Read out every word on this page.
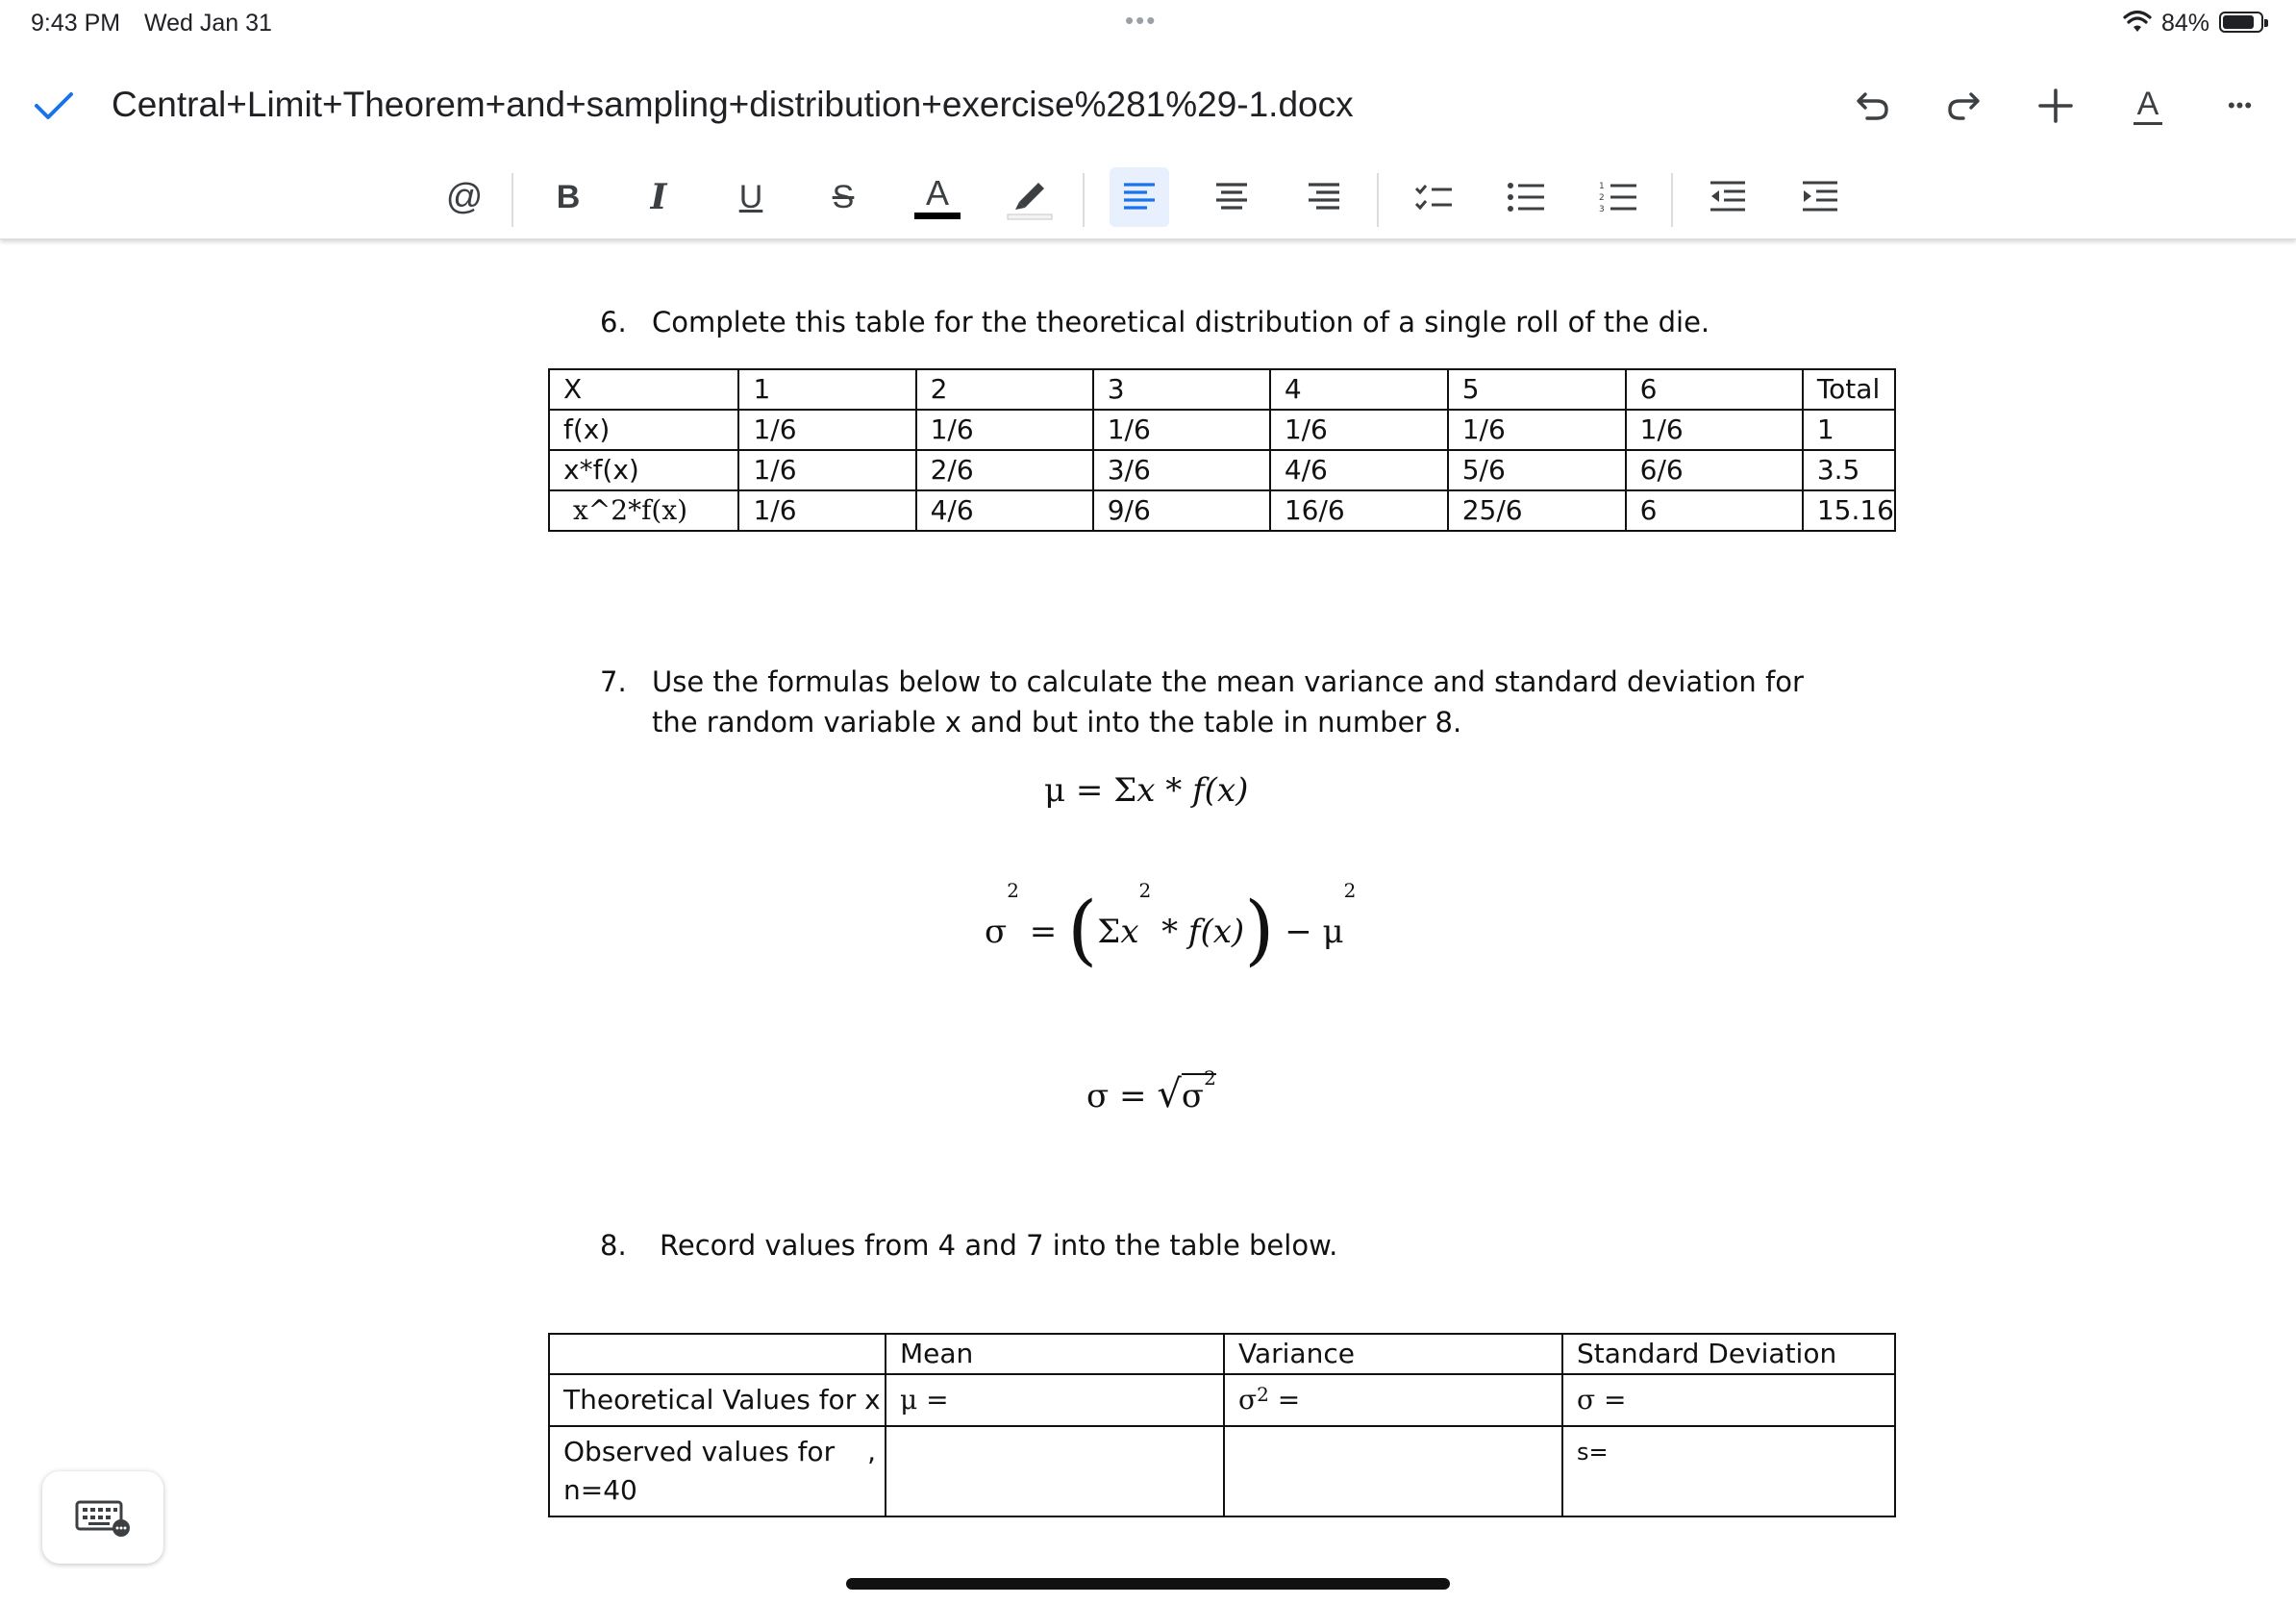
9:43 PM Wed Jan 31	•••	84%
Central+Limit+Theorem+and+sampling+distribution+exercise%281%29-1.docx	A	•••
@ B I U S A	1
2
3
6. Complete this table for the theoretical distribution of a single roll of the die.
X	1	2	3	4	5	6	Total
f(x)	1/6	1/6	1/6	1/6	1/6	1/6	1
x*f(x)	1/6	2/6	3/6	4/6	5/6	6/6	3.5
x^2*f(x)	1/6	4/6	9/6	16/6	25/6	6	15.16
7. Use the formulas below to calculate the mean variance and standard deviation for
the random variable x and but into the table in number 8.
μ = Σx * f(x)
$\sigma^2 = (\Sigma x^2 * f(x)) - \mu^2$
$\sigma = √\sigma^2$
8. Record values from 4 and 7 into the table below.
	Mean	Variance	Standard Deviation
Theoretical Values for x	μ =	$\sigma^2$ =	σ =
Observed values for ,
n=40			s=
